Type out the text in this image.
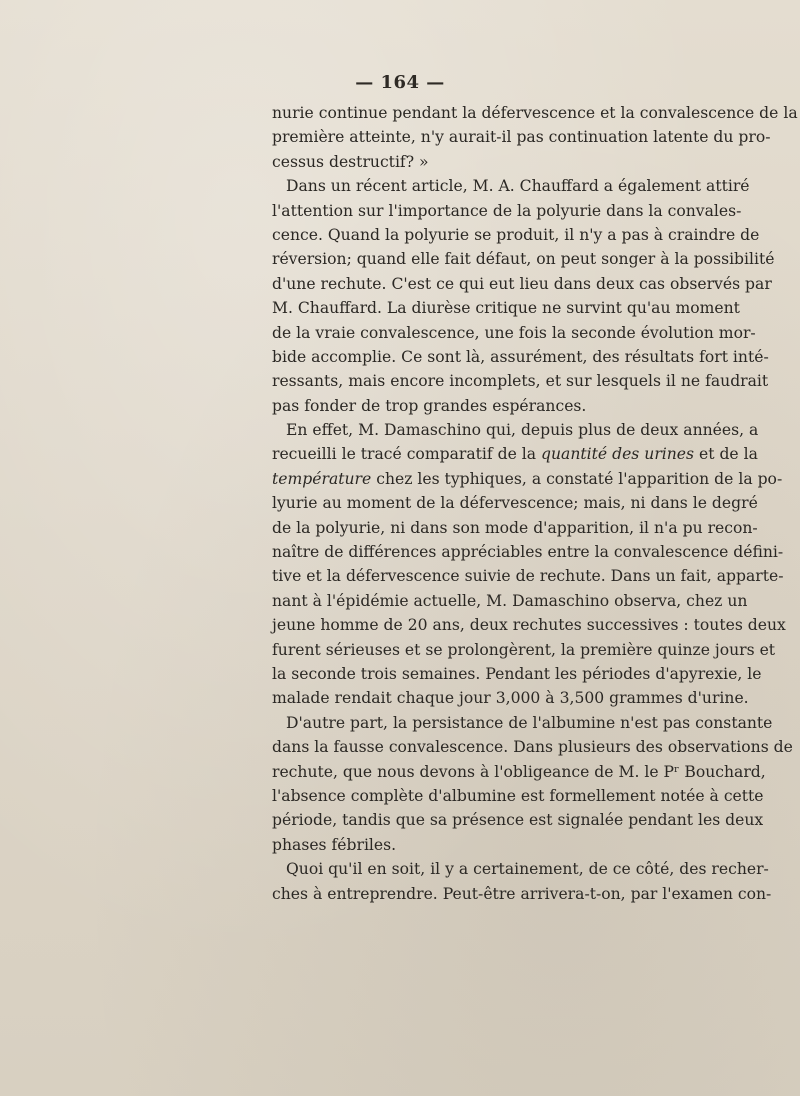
— 164 —
nurie continue pendant la défervescence et la convalescence de la
première atteinte, n'y aurait-il pas continuation latente du pro-
cessus destructif? »
Dans un récent article, M. A. Chauffard a également attiré
l'attention sur l'importance de la polyurie dans la convales-
cence. Quand la polyurie se produit, il n'y a pas à craindre de
réversion; quand elle fait défaut, on peut songer à la possibilité
d'une rechute. C'est ce qui eut lieu dans deux cas observés par
M. Chauffard. La diurèse critique ne survint qu'au moment
de la vraie convalescence, une fois la seconde évolution mor-
bide accomplie. Ce sont là, assurément, des résultats fort inté-
ressants, mais encore incomplets, et sur lesquels il ne faudrait
pas fonder de trop grandes espérances.
En effet, M. Damaschino qui, depuis plus de deux années, a
recueilli le tracé comparatif de la quantité des urines et de la
température chez les typhiques, a constaté l'apparition de la po-
lyurie au moment de la défervescence; mais, ni dans le degré
de la polyurie, ni dans son mode d'apparition, il n'a pu recon-
naître de différences appréciables entre la convalescence défini-
tive et la défervescence suivie de rechute. Dans un fait, apparte-
nant à l'épidémie actuelle, M. Damaschino observa, chez un
jeune homme de 20 ans, deux rechutes successives : toutes deux
furent sérieuses et se prolongèrent, la première quinze jours et
la seconde trois semaines. Pendant les périodes d'apyrexie, le
malade rendait chaque jour 3,000 à 3,500 grammes d'urine.
D'autre part, la persistance de l'albumine n'est pas constante
dans la fausse convalescence. Dans plusieurs des observations de
rechute, que nous devons à l'obligeance de M. le Pʳ Bouchard,
l'absence complète d'albumine est formellement notée à cette
période, tandis que sa présence est signalée pendant les deux
phases fébriles.
Quoi qu'il en soit, il y a certainement, de ce côté, des recher-
ches à entreprendre. Peut-être arrivera-t-on, par l'examen con-
